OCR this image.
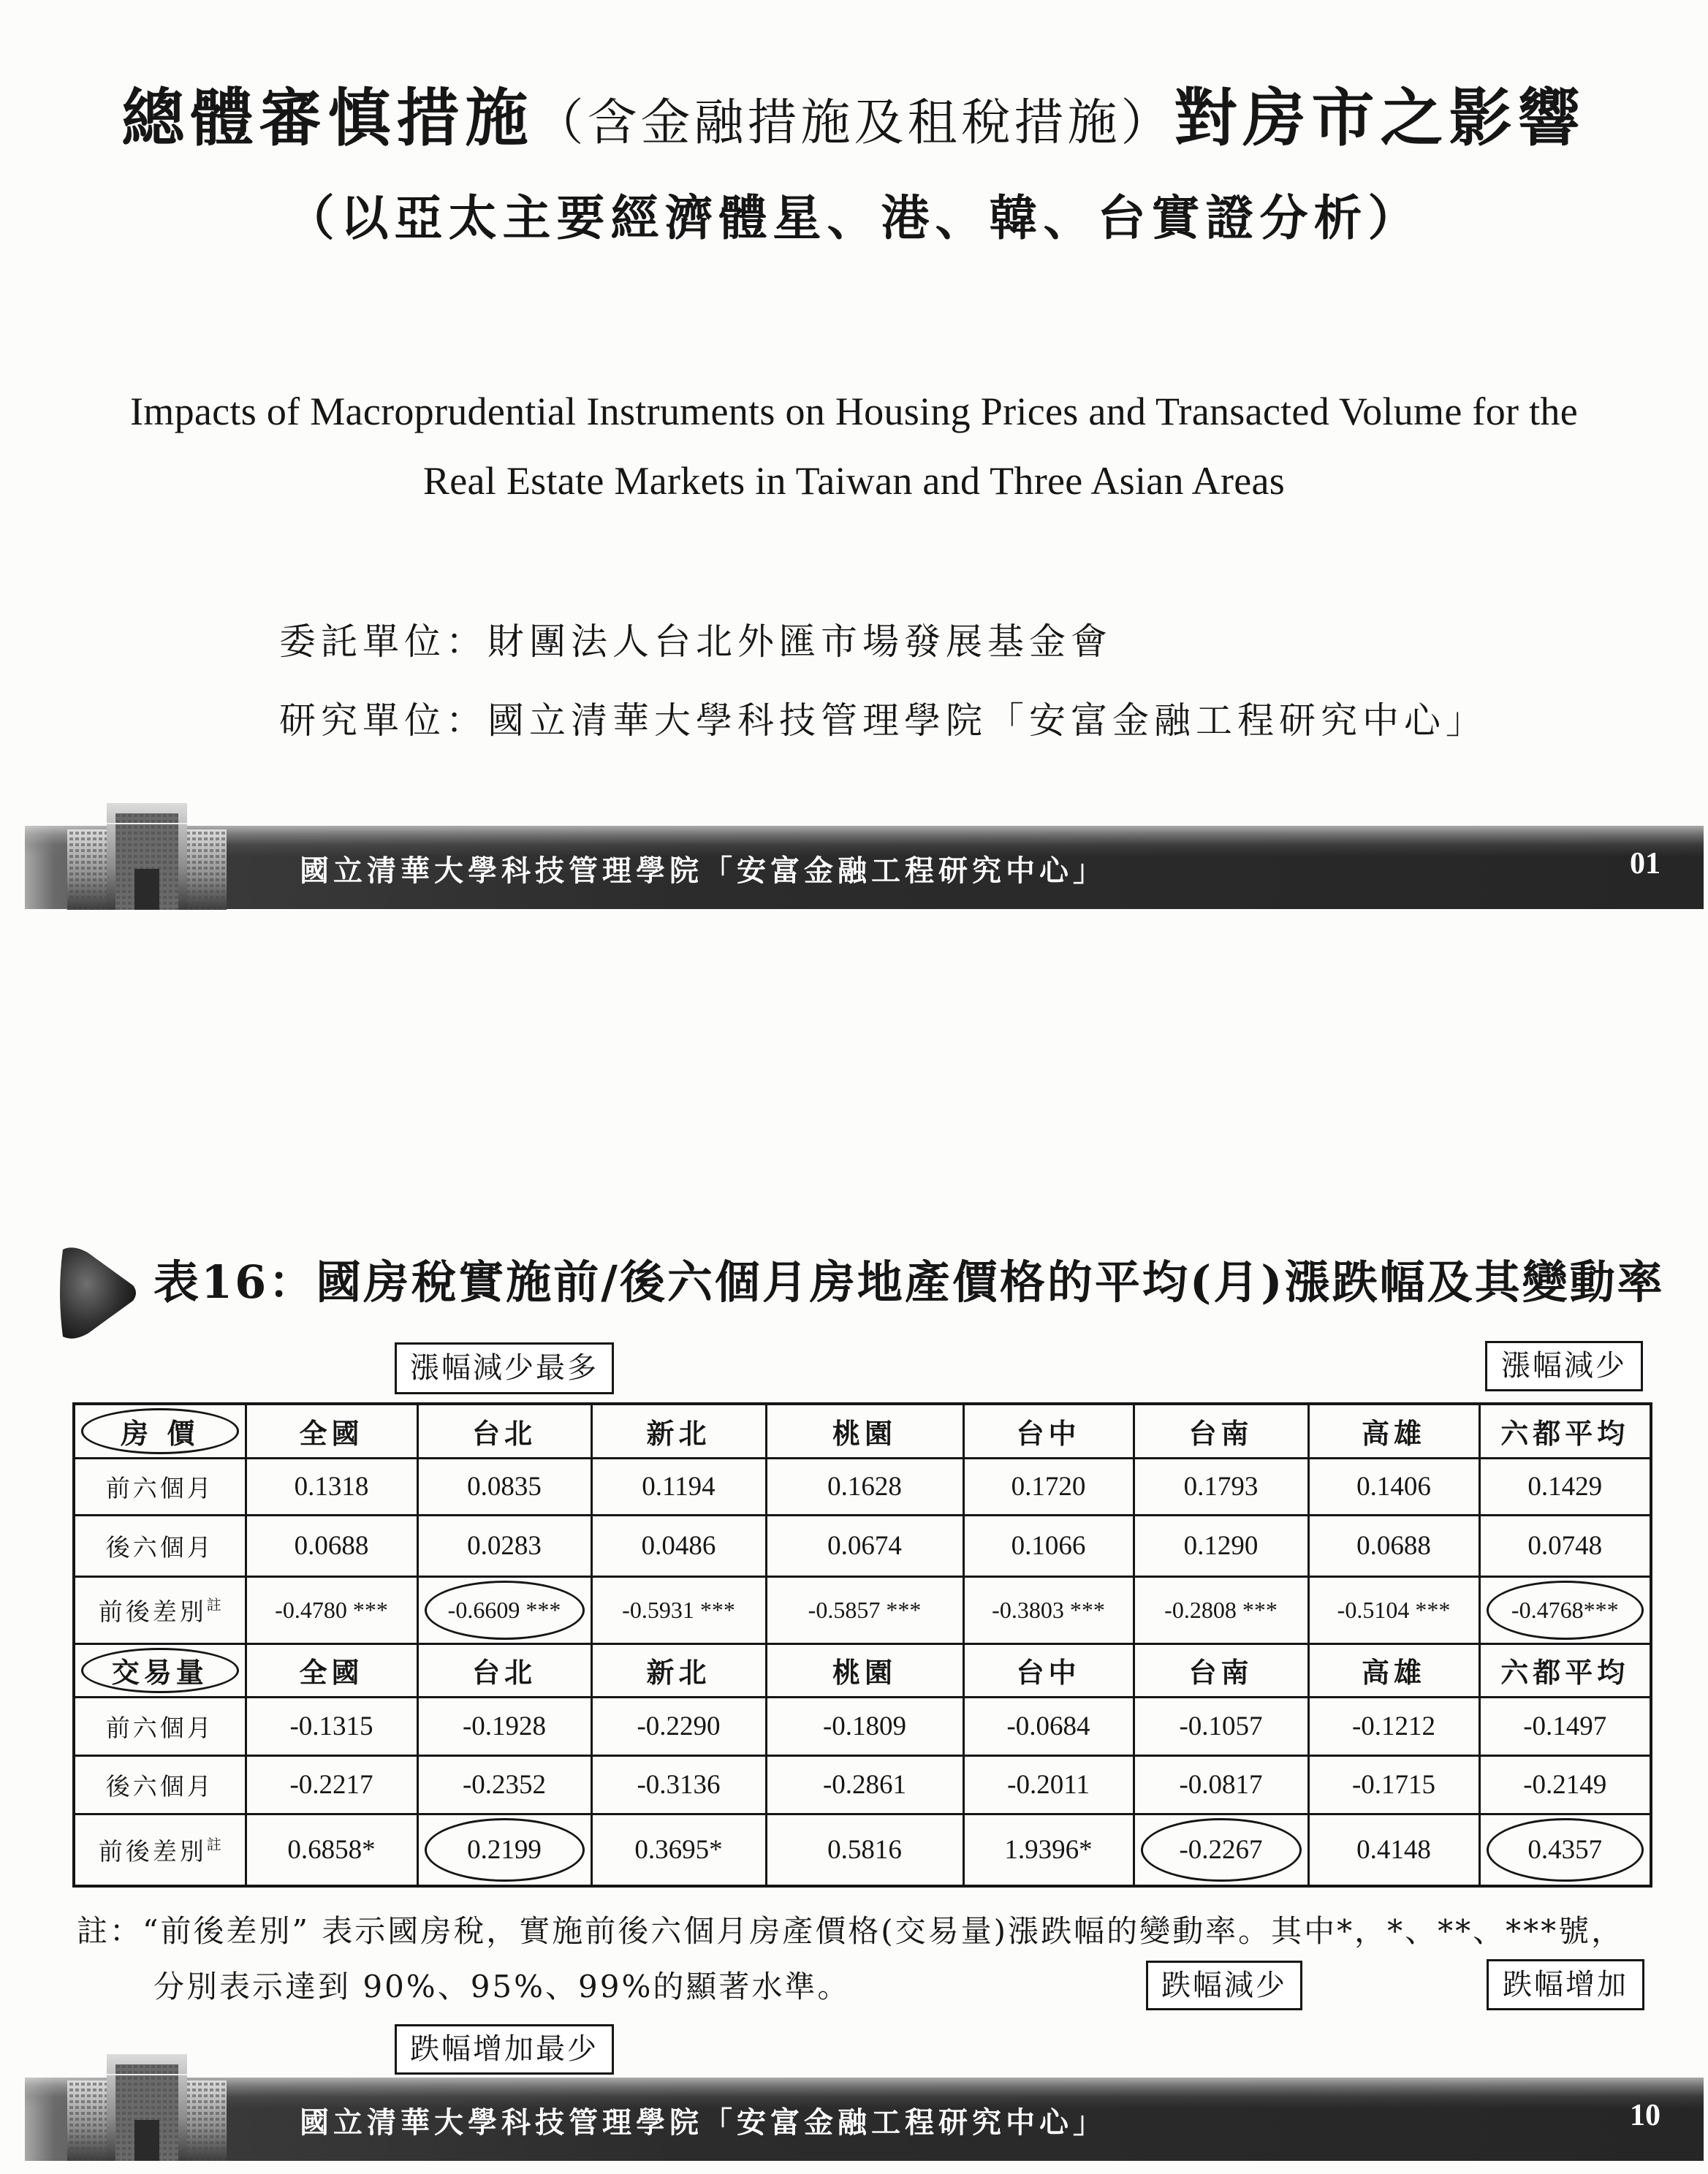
總體審慎措施（含金融措施及租稅措施）對房市之影響
（以亞太主要經濟體星、港、韓、台實證分析）
Impacts of Macroprudential Instruments on Housing Prices and Transacted Volume for the
Real Estate Markets in Taiwan and Three Asian Areas
委託單位：財團法人台北外匯市場發展基金會
研究單位：國立清華大學科技管理學院「安富金融工程研究中心」
國立清華大學科技管理學院「安富金融工程研究中心」	01
表16：國房稅實施前/後六個月房地產價格的平均(月)漲跌幅及其變動率
漲幅減少最多	漲幅減少
房 價	全國	台北	新北	桃園	台中	台南	高雄	六都平均
前六個月	0.1318	0.0835	0.1194	0.1628	0.1720	0.1793	0.1406	0.1429
後六個月	0.0688	0.0283	0.0486	0.0674	0.1066	0.1290	0.0688	0.0748
前後差別$^註$	-0.4780 ***	-0.6609 ***	-0.5931 ***	-0.5857 ***	-0.3803 ***	-0.2808 ***	-0.5104 ***	-0.4768***

交易量	全國	台北	新北	桃園	台中	台南	高雄	六都平均
前六個月	-0.1315	-0.1928	-0.2290	-0.1809	-0.0684	-0.1057	-0.1212	-0.1497
後六個月	-0.2217	-0.2352	-0.3136	-0.2861	-0.2011	-0.0817	-0.1715	-0.2149
前後差別$^註$	0.6858*	0.2199	0.3695*	0.5816	1.9396*	-0.2267	0.4148	0.4357
註：“前後差別” 表示國房稅，實施前後六個月房產價格(交易量)漲跌幅的變動率。其中*，*、**、***號，
分別表示達到 90%、95%、99%的顯著水準。	跌幅減少	跌幅增加
跌幅增加最少
國立清華大學科技管理學院「安富金融工程研究中心」	10
